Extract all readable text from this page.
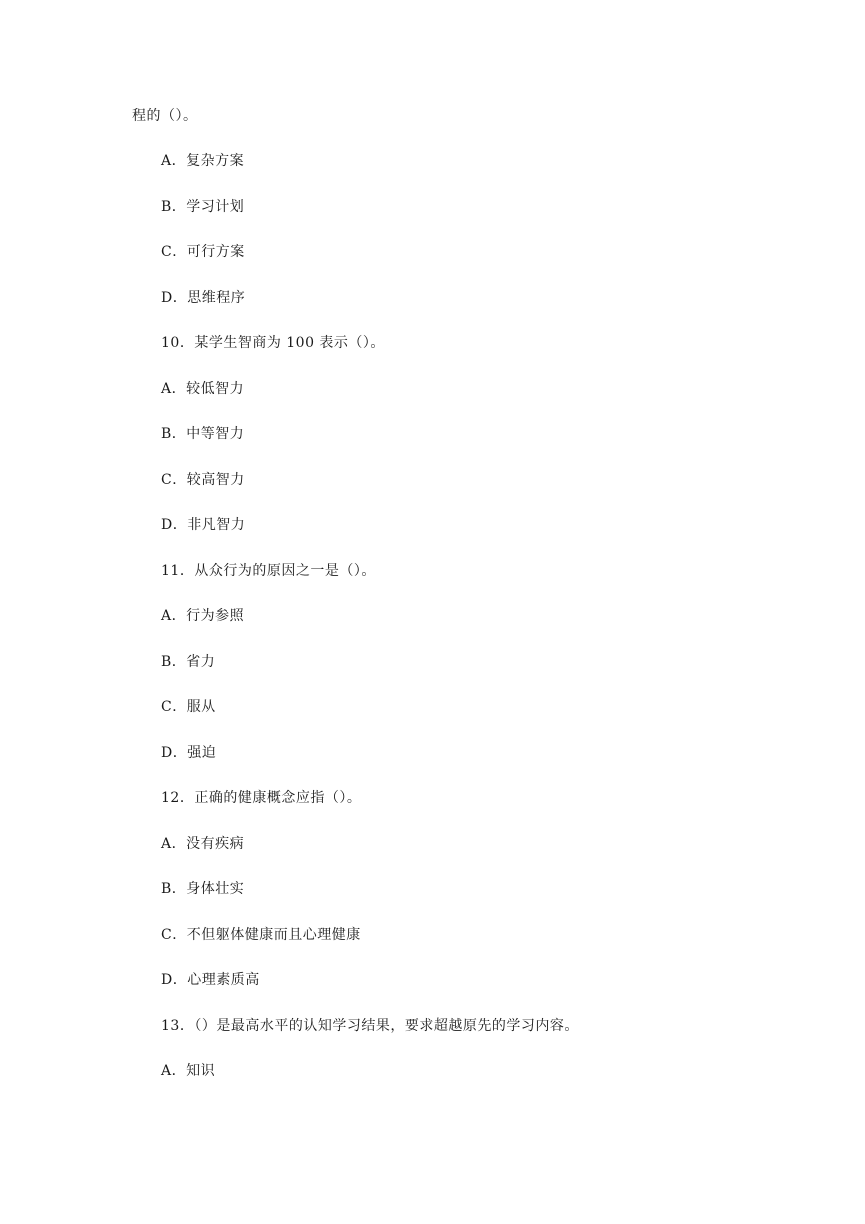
程的（）。
A．复杂方案
B．学习计划
C．可行方案
D．思维程序
10．某学生智商为 100 表示（）。
A．较低智力
B．中等智力
C．较高智力
D．非凡智力
11．从众行为的原因之一是（）。
A．行为参照
B．省力
C．服从
D．强迫
12．正确的健康概念应指（）。
A．没有疾病
B．身体壮实
C．不但躯体健康而且心理健康
D．心理素质高
13．（）是最高水平的认知学习结果，要求超越原先的学习内容。
A．知识
